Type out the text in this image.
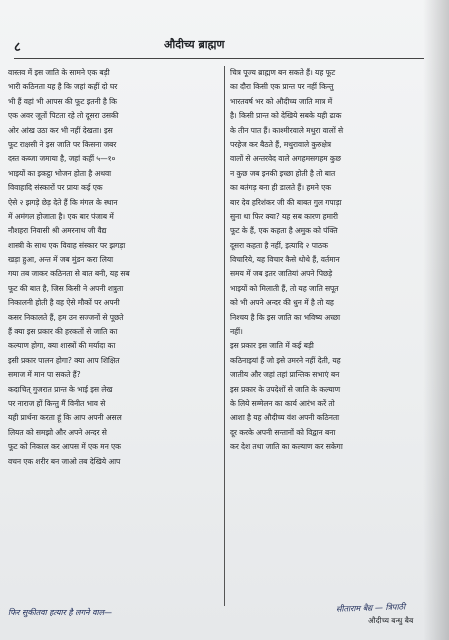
८	औदीच्य ब्राह्मण
वास्तव में इस जाति के सामने एक बड़ी
भारी कठिनता यह है कि जहां कहीं दो घर
भी हैं वहां भी आपस की फूट इतनी है कि
एक अवर जूतों पिटता रहे तो दूसरा उसकी
ओर आंख उठा कर भी नहीं देखता। इस
फूट राक्षसी ने इस जाति पर किसना जबर
दस्त कब्जा जमाया है, जहां कहीं ५—१०
भाइयों का इकट्ठा भोजन होता है अथवा
विवाहादि संस्कारों पर प्रायः कई एक
ऐसे २ झगड़े छेड़ देते हैं कि मंगल के स्थान
में अमंगल होजाता है। एक बार पंजाब में
नौशहरा निवासी श्री अमरनाथ जी वैद्य
शास्त्री के साथ एक विवाह संस्कार पर झगड़ा
खड़ा हुआ, अन्त में जब मुंडन करा लिया
गया तब जाकर कठिनता से बात बनी, यह सब
फूट की बात है, जिस किसी ने अपनी शत्रुता
निकालनी होती है वह ऐसे मौकों पर अपनी
कसर निकालते हैं, हम उन सज्जनों से पूछते
हैं क्या इस प्रकार की हरकतों से जाति का
कल्याण होगा, क्या शास्त्रों की मर्यादा का
इसी प्रकार पालन होगा? क्या आप शिक्षित
समाज में मान पा सकते हैं?
कदाचित् गुजरात प्रान्त के भाई इस लेख
पर नाराज हों किन्तु मैं विनीत भाव से
यही प्रार्थना करता हूं कि आप अपनी असल
लियत को समझो और अपने अन्दर से
फूट को निकाल कर आपस में एक मन एक
वचन एक शरीर बन जाओ तब देखिये आप
चित्र पूज्य ब्राह्मण बन सकते हैं। यह फूट
का दौरा किसी एक प्रान्त पर नहीं किन्तु
भारतवर्ष भर को औदीच्य जाति मात्र में
है। किसी प्रान्त को देखिये सबके यही ढाक
के तीन पात हैं। काश्मीरवाले मथुरा वालों से
परहेज कर बैठते हैं, मथुरावाले कुरुक्षेत्र
वालों से अन्तरवेद वाले अगहमसगहम कुछ
न कुछ जब इनकी इच्छा होती है तो बात
का बतंगड़ बना ही डालते हैं। हमने एक
बार देव हरिशंकर जी की बाबत गुल गपाड़ा
सुना था फिर क्या? यह सब कारण हमारी
फूट के हैं, एक कहता है अमुक को पंक्ति
दूसरा कहता है नहीं, इत्यादि २ पाठक
विचारिये, यह विचार कैसे थोथे हैं, वर्तमान
समय में जब इतर जातियां अपने पिछड़े
भाइयों को मिलाती हैं, तो यह जाति सपूत
को भी अपने अन्दर की धुन में है तो यह
निश्चय है कि इस जाति का भविष्य अच्छा
नहीं।
इस प्रकार इस जाति में कई बड़ी
कठिनाइयां हैं जो इसे उमरने नहीं देती, यह
जातीय और जहां तहां प्रान्तिक सभाएं बन
इस प्रकार के उपदेशों से जाति के कल्याण
के लिये सम्मेलन का कार्य आरंभ करें तो
आशा है यह औदीच्य वंश अपनी कठिनता
दूर करके अपनी सन्तानों को विद्वान बना
कर देश तथा जाति का कल्याण कर सकेगा
फिर सुकीतवा हत्यार है लगने वाल—	सीताराम बैद्य — त्रिपाठी
औदीच्य बन्धु बैब
